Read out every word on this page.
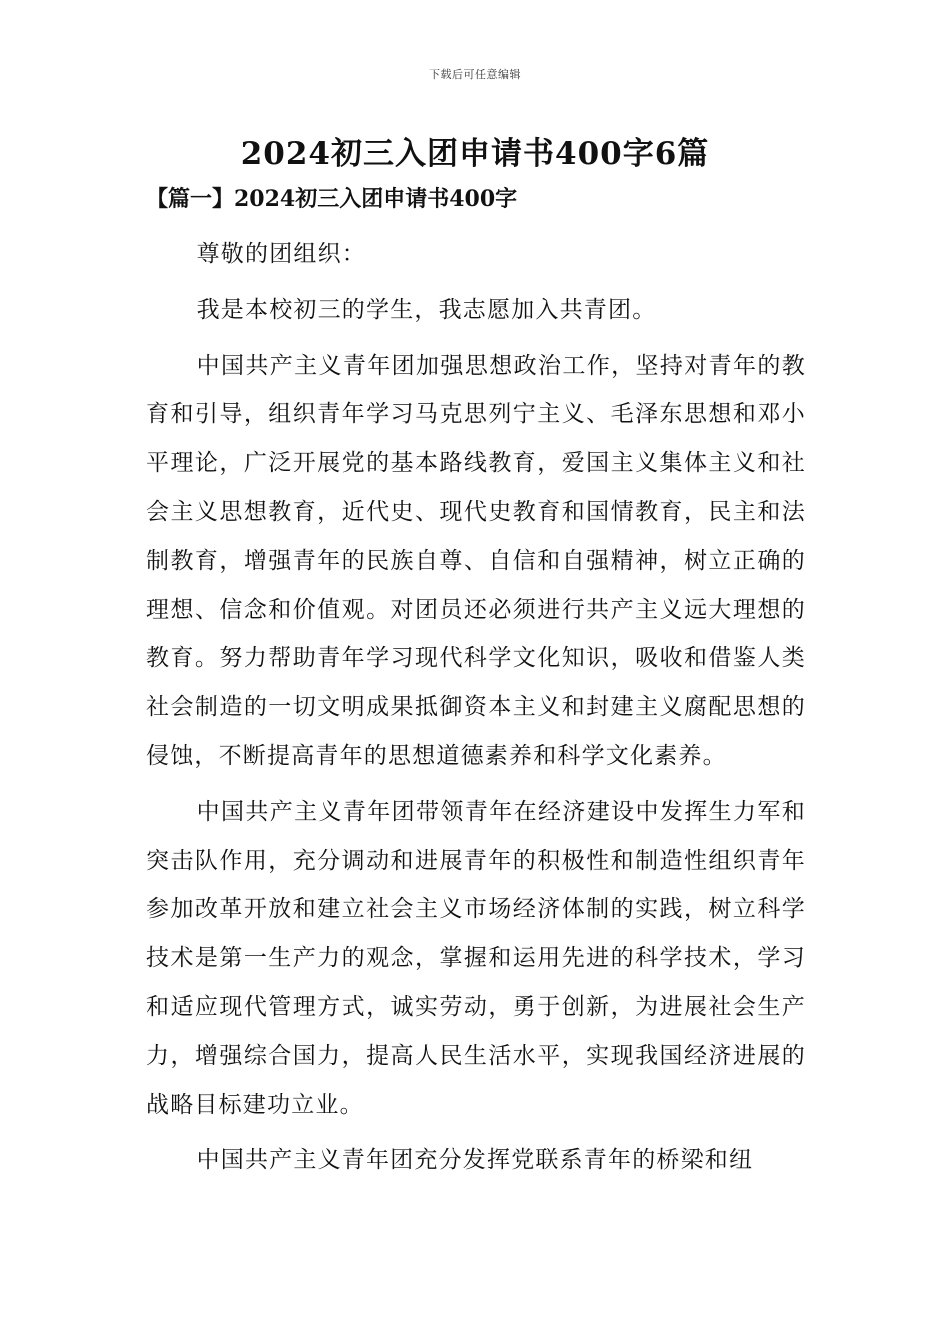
下载后可任意编辑
2024初三入团申请书400字6篇
【篇一】2024初三入团申请书400字

尊敬的团组织：

我是本校初三的学生，我志愿加入共青团。

中国共产主义青年团加强思想政治工作，坚持对青年的教育和引导，组织青年学习马克思列宁主义、毛泽东思想和邓小平理论，广泛开展党的基本路线教育，爱国主义集体主义和社会主义思想教育，近代史、现代史教育和国情教育，民主和法制教育，增强青年的民族自尊、自信和自强精神，树立正确的理想、信念和价值观。对团员还必须进行共产主义远大理想的教育。努力帮助青年学习现代科学文化知识，吸收和借鉴人类社会制造的一切文明成果抵御资本主义和封建主义腐配思想的侵蚀，不断提高青年的思想道德素养和科学文化素养。

中国共产主义青年团带领青年在经济建设中发挥生力军和突击队作用，充分调动和进展青年的积极性和制造性组织青年参加改革开放和建立社会主义市场经济体制的实践，树立科学技术是第一生产力的观念，掌握和运用先进的科学技术，学习和适应现代管理方式，诚实劳动，勇于创新，为进展社会生产力，增强综合国力，提高人民生活水平，实现我国经济进展的战略目标建功立业。

中国共产主义青年团充分发挥党联系青年的桥梁和纽
